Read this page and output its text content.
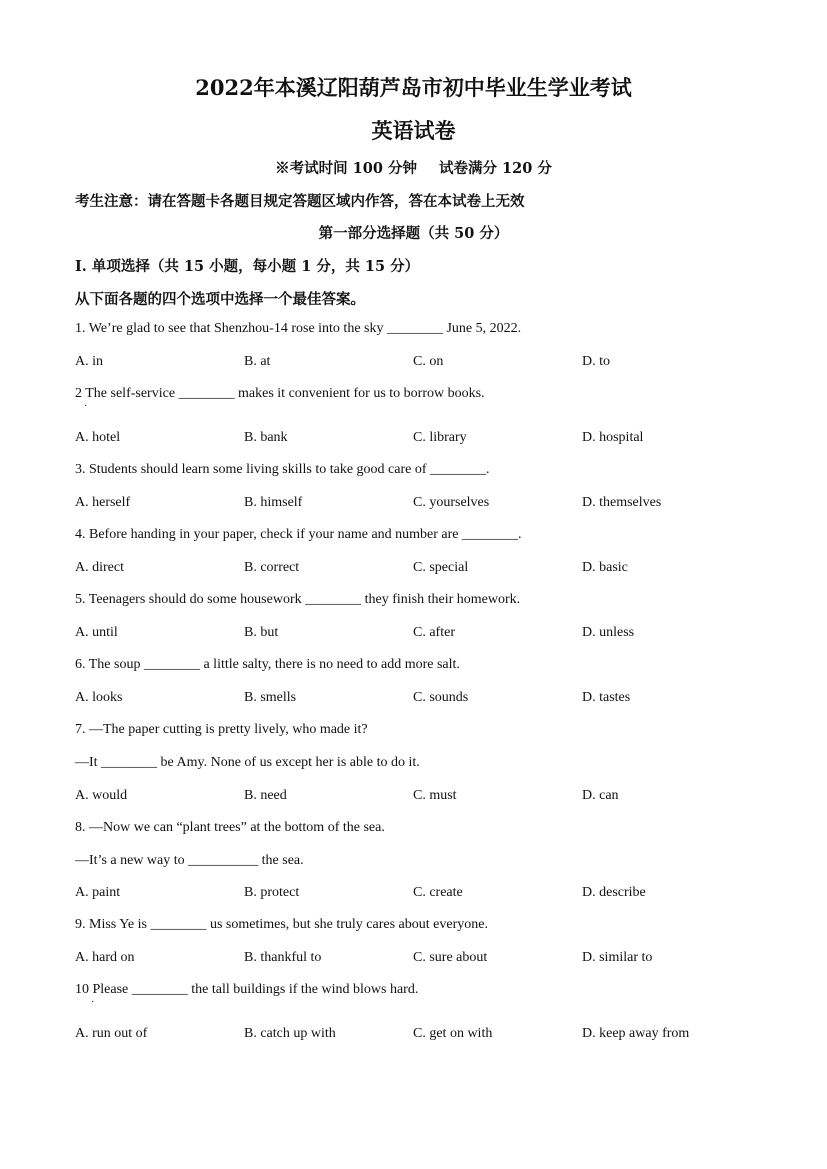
2022年本溪辽阳葫芦岛市初中毕业生学业考试
英语试卷
※考试时间 100 分钟 试卷满分 120 分
考生注意：请在答题卡各题目规定答题区域内作答，答在本试卷上无效
第一部分选择题（共 50 分）
I. 单项选择（共 15 小题，每小题 1 分，共 15 分）
从下面各题的四个选项中选择一个最佳答案。
1. We’re glad to see that Shenzhou-14 rose into the sky ________ June 5, 2022.
A. in	B. at	C. on	D. to
2 The self-service ________ makes it convenient for us to borrow books.
·
A. hotel	B. bank	C. library	D. hospital
3. Students should learn some living skills to take good care of ________.
A. herself	B. himself	C. yourselves	D. themselves
4. Before handing in your paper, check if your name and number are ________.
A. direct	B. correct	C. special	D. basic
5. Teenagers should do some housework ________ they finish their homework.
A. until	B. but	C. after	D. unless
6. The soup ________ a little salty, there is no need to add more salt.
A. looks	B. smells	C. sounds	D. tastes
7. —The paper cutting is pretty lively, who made it?
—It ________ be Amy. None of us except her is able to do it.
A. would	B. need	C. must	D. can
8. —Now we can “plant trees” at the bottom of the sea.
—It’s a new way to __________ the sea.
A. paint	B. protect	C. create	D. describe
9. Miss Ye is ________ us sometimes, but she truly cares about everyone.
A. hard on	B. thankful to	C. sure about	D. similar to
10 Please ________ the tall buildings if the wind blows hard.
·
A. run out of	B. catch up with	C. get on with	D. keep away from
